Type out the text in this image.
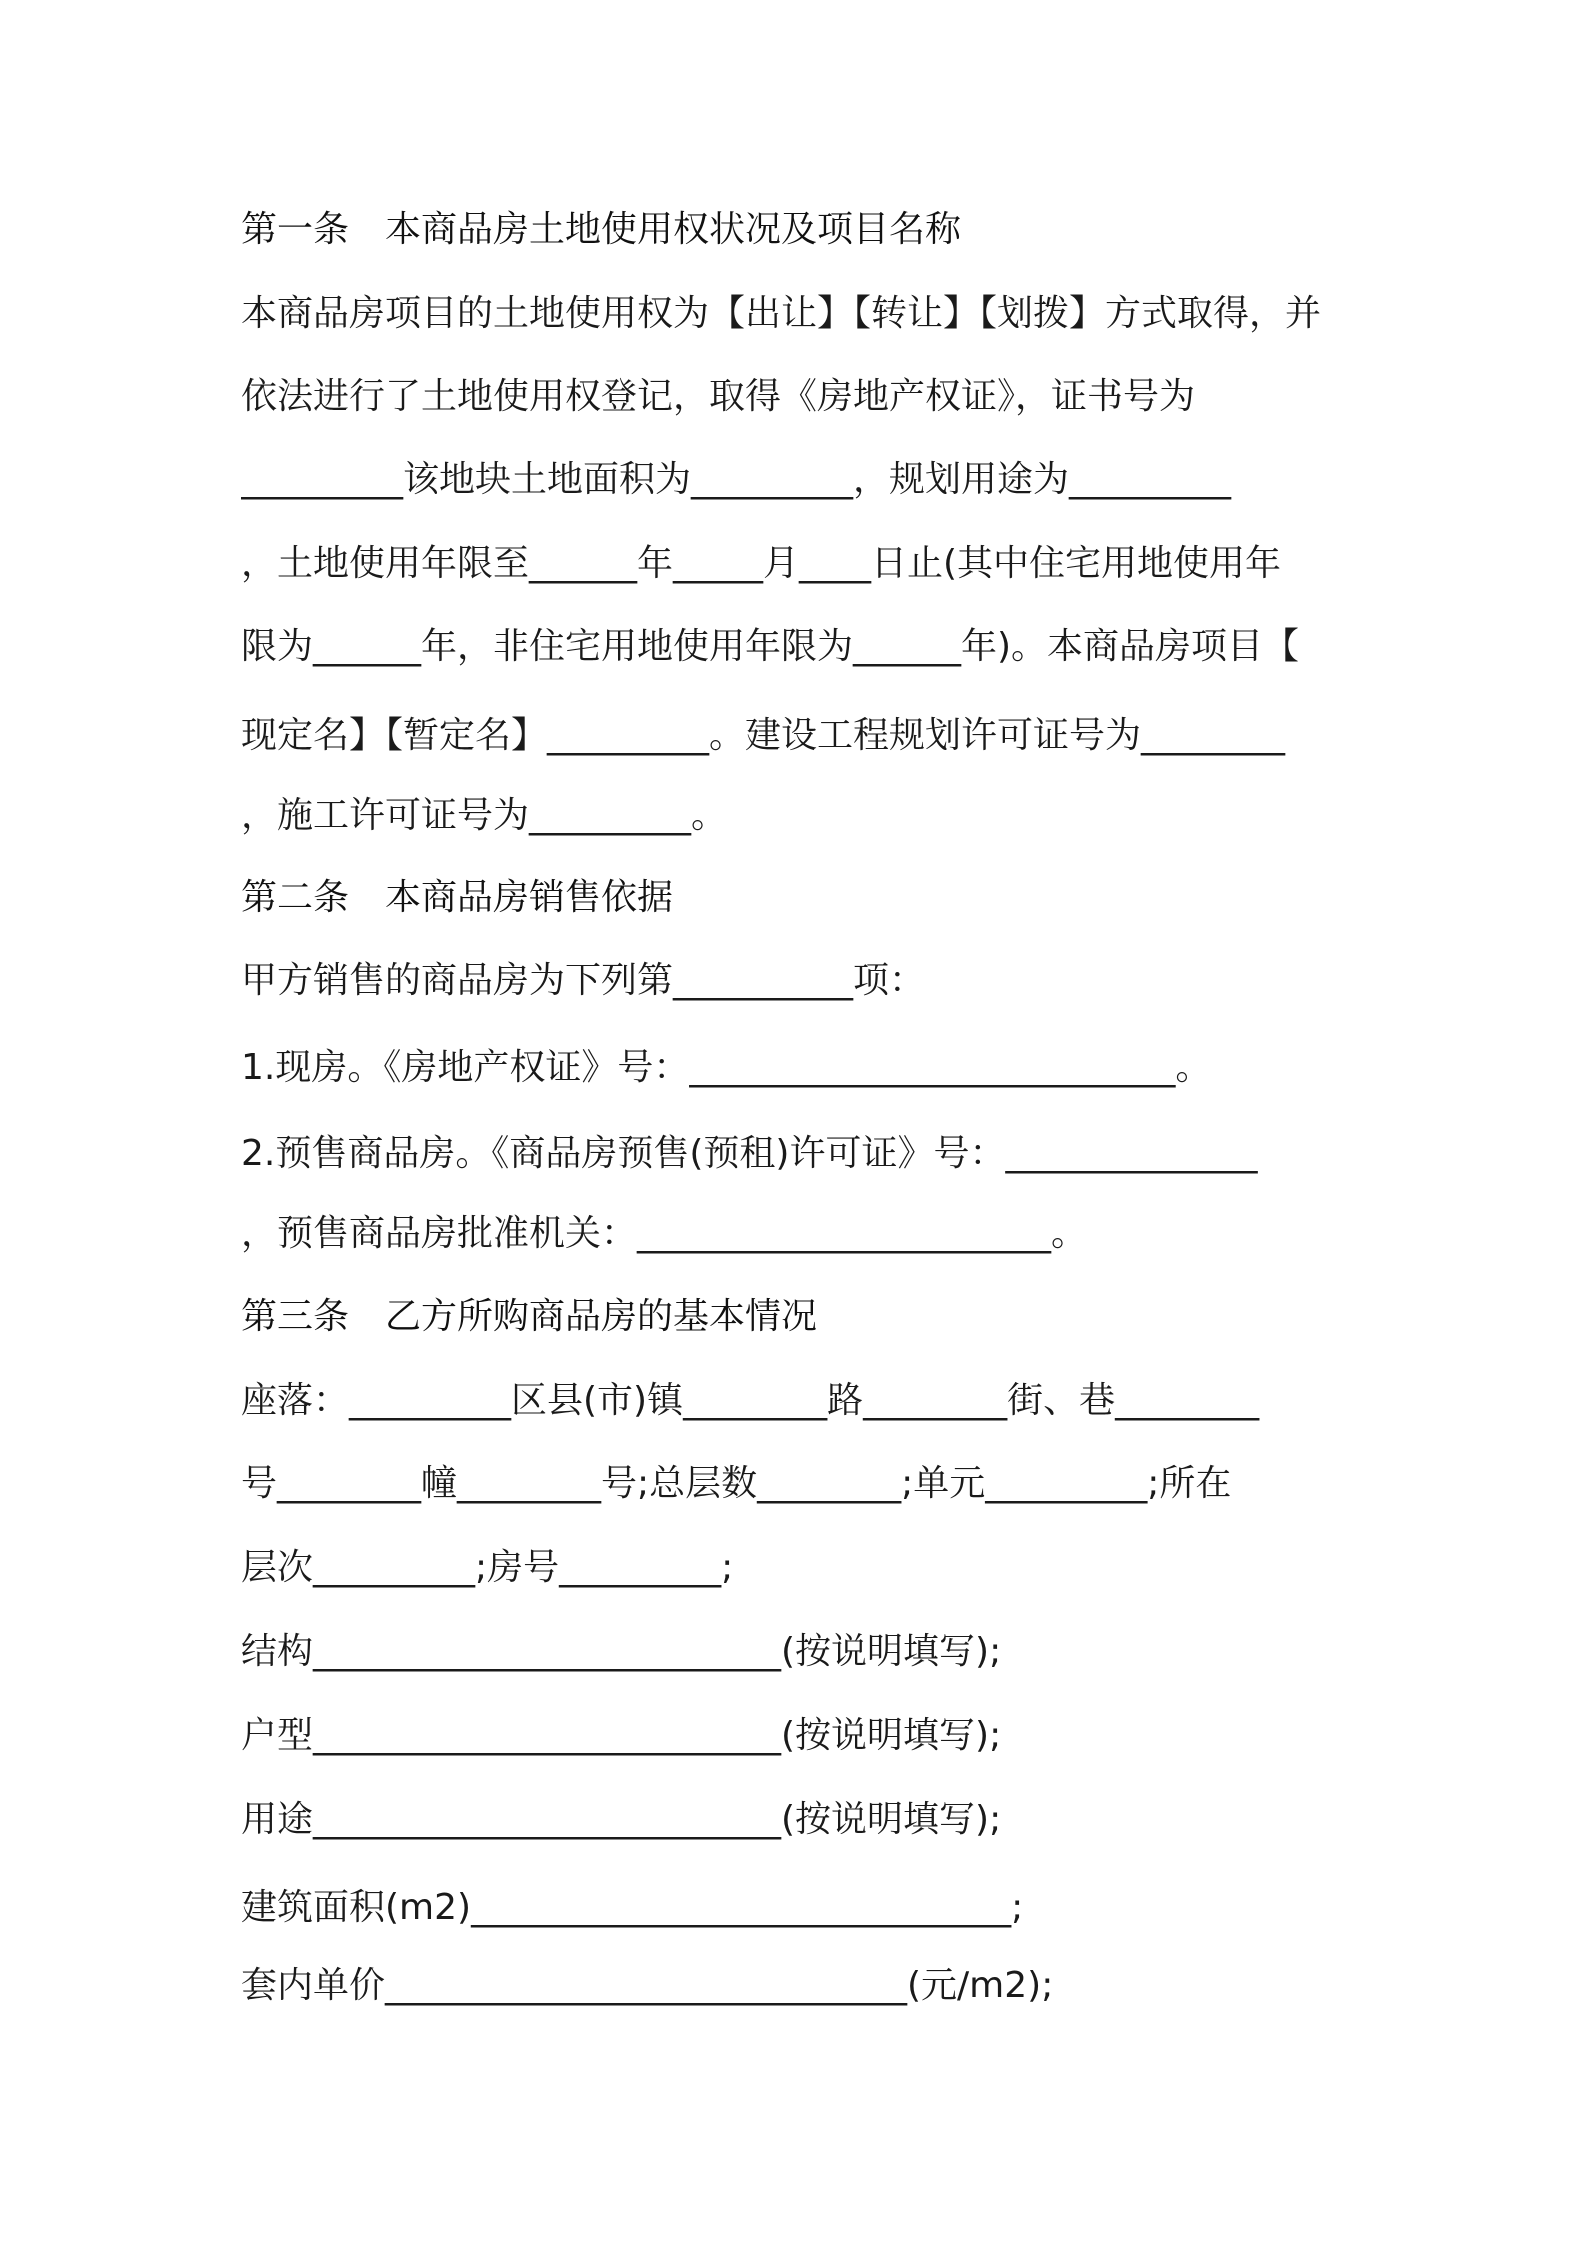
第一条　本商品房土地使用权状况及项目名称
本商品房项目的土地使用权为【出让】【转让】【划拨】方式取得，并
依法进行了土地使用权登记，取得《房地产权证》，证书号为
_________该地块土地面积为_________，规划用途为_________
，土地使用年限至______年_____月____日止(其中住宅用地使用年
限为______年，非住宅用地使用年限为______年)。本商品房项目【
现定名】【暂定名】_________。建设工程规划许可证号为________
，施工许可证号为_________。
第二条　本商品房销售依据
甲方销售的商品房为下列第__________项：
1.现房。《房地产权证》号：___________________________。
2.预售商品房。《商品房预售(预租)许可证》号：______________
，预售商品房批准机关：_______________________。
第三条　乙方所购商品房的基本情况
座落：_________区县(市)镇________路________街、巷________
号________幢________号;总层数________;单元_________;所在
层次_________;房号_________;
结构__________________________(按说明填写);
户型__________________________(按说明填写);
用途__________________________(按说明填写);
建筑面积(m2)______________________________;
套内单价_____________________________(元/m2);
